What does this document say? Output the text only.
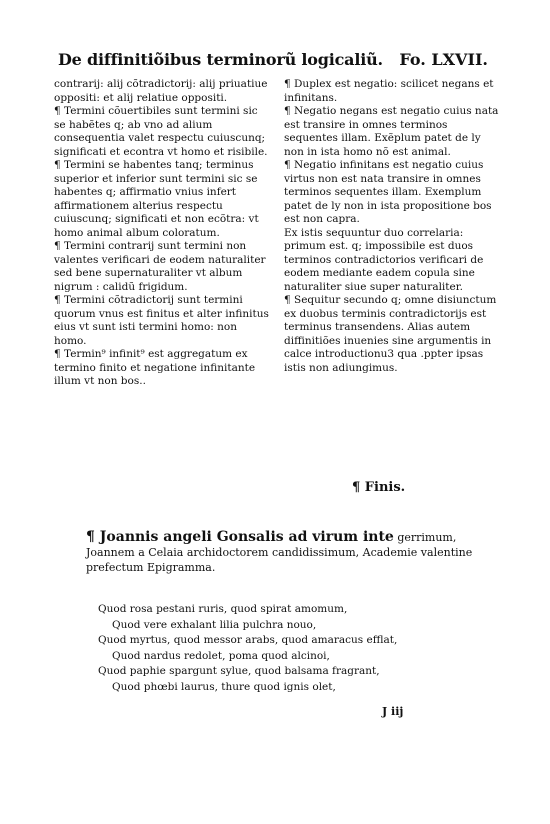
De diffinitiõibus terminorũ logicaliũ.	Fo. LXVII.

contrarij: alij cõtradictorij: alij priuatiue oppositi: et alij relatiue oppositi.

¶ Termini cõuertibiles sunt termini sic se habẽtes q; ab vno ad alium consequentia valet respectu cuiuscunq; significati et econtra vt homo et risibile.

¶ Termini se habentes tanq; terminus superior et inferior sunt termini sic se habentes q; affirmatio vnius infert affirmationem alterius respectu cuiuscunq; significati et non ecõtra: vt homo animal album coloratum.

¶ Termini contrarij sunt termini non valentes verificari de eodem naturaliter sed bene supernaturaliter vt album nigrum : calidũ frigidum.

¶ Termini cõtradictorij sunt termini quorum vnus est finitus et alter infinitus eius vt sunt isti termini homo: non homo.

¶ Termin⁹ infinit⁹ est aggregatum ex termino finito et negatione infinitante illum vt non bos..

¶ Duplex est negatio: scilicet negans et infinitans.

¶ Negatio negans est negatio cuius nata est transire in omnes terminos sequentes illam. Exẽplum patet de ly non in ista homo nõ est animal.

¶ Negatio infinitans est negatio cuius virtus non est nata transire in omnes terminos sequentes illam. Exemplum patet de ly non in ista propositione bos est non capra.

Ex istis sequuntur duo correlaria: primum est. q; impossibile est duos terminos contradictorios verificari de eodem mediante eadem copula sine naturaliter siue super naturaliter.

¶ Sequitur secundo q; omne disiunctum ex duobus terminis contradictorijs est terminus transendens. Alias autem diffinitiões inuenies sine argumentis in calce introductionu3 qua .ppter ipsas istis non adiungimus.

¶ Finis.
¶ Joannis angeli Gonsalis ad virum inte gerrimum, Joannem a Celaia archidoctorem candidissimum, Academie valentine prefectum Epigramma.
Quod rosa pestani ruris, quod spirat amomum,
Quod vere exhalant lilia pulchra nouo,
Quod myrtus, quod messor arabs, quod amaracus efflat,
Quod nardus redolet, poma quod alcinoi,
Quod paphie spargunt sylue, quod balsama fragrant,
Quod phœbi laurus, thure quod ignis olet,
J iij
